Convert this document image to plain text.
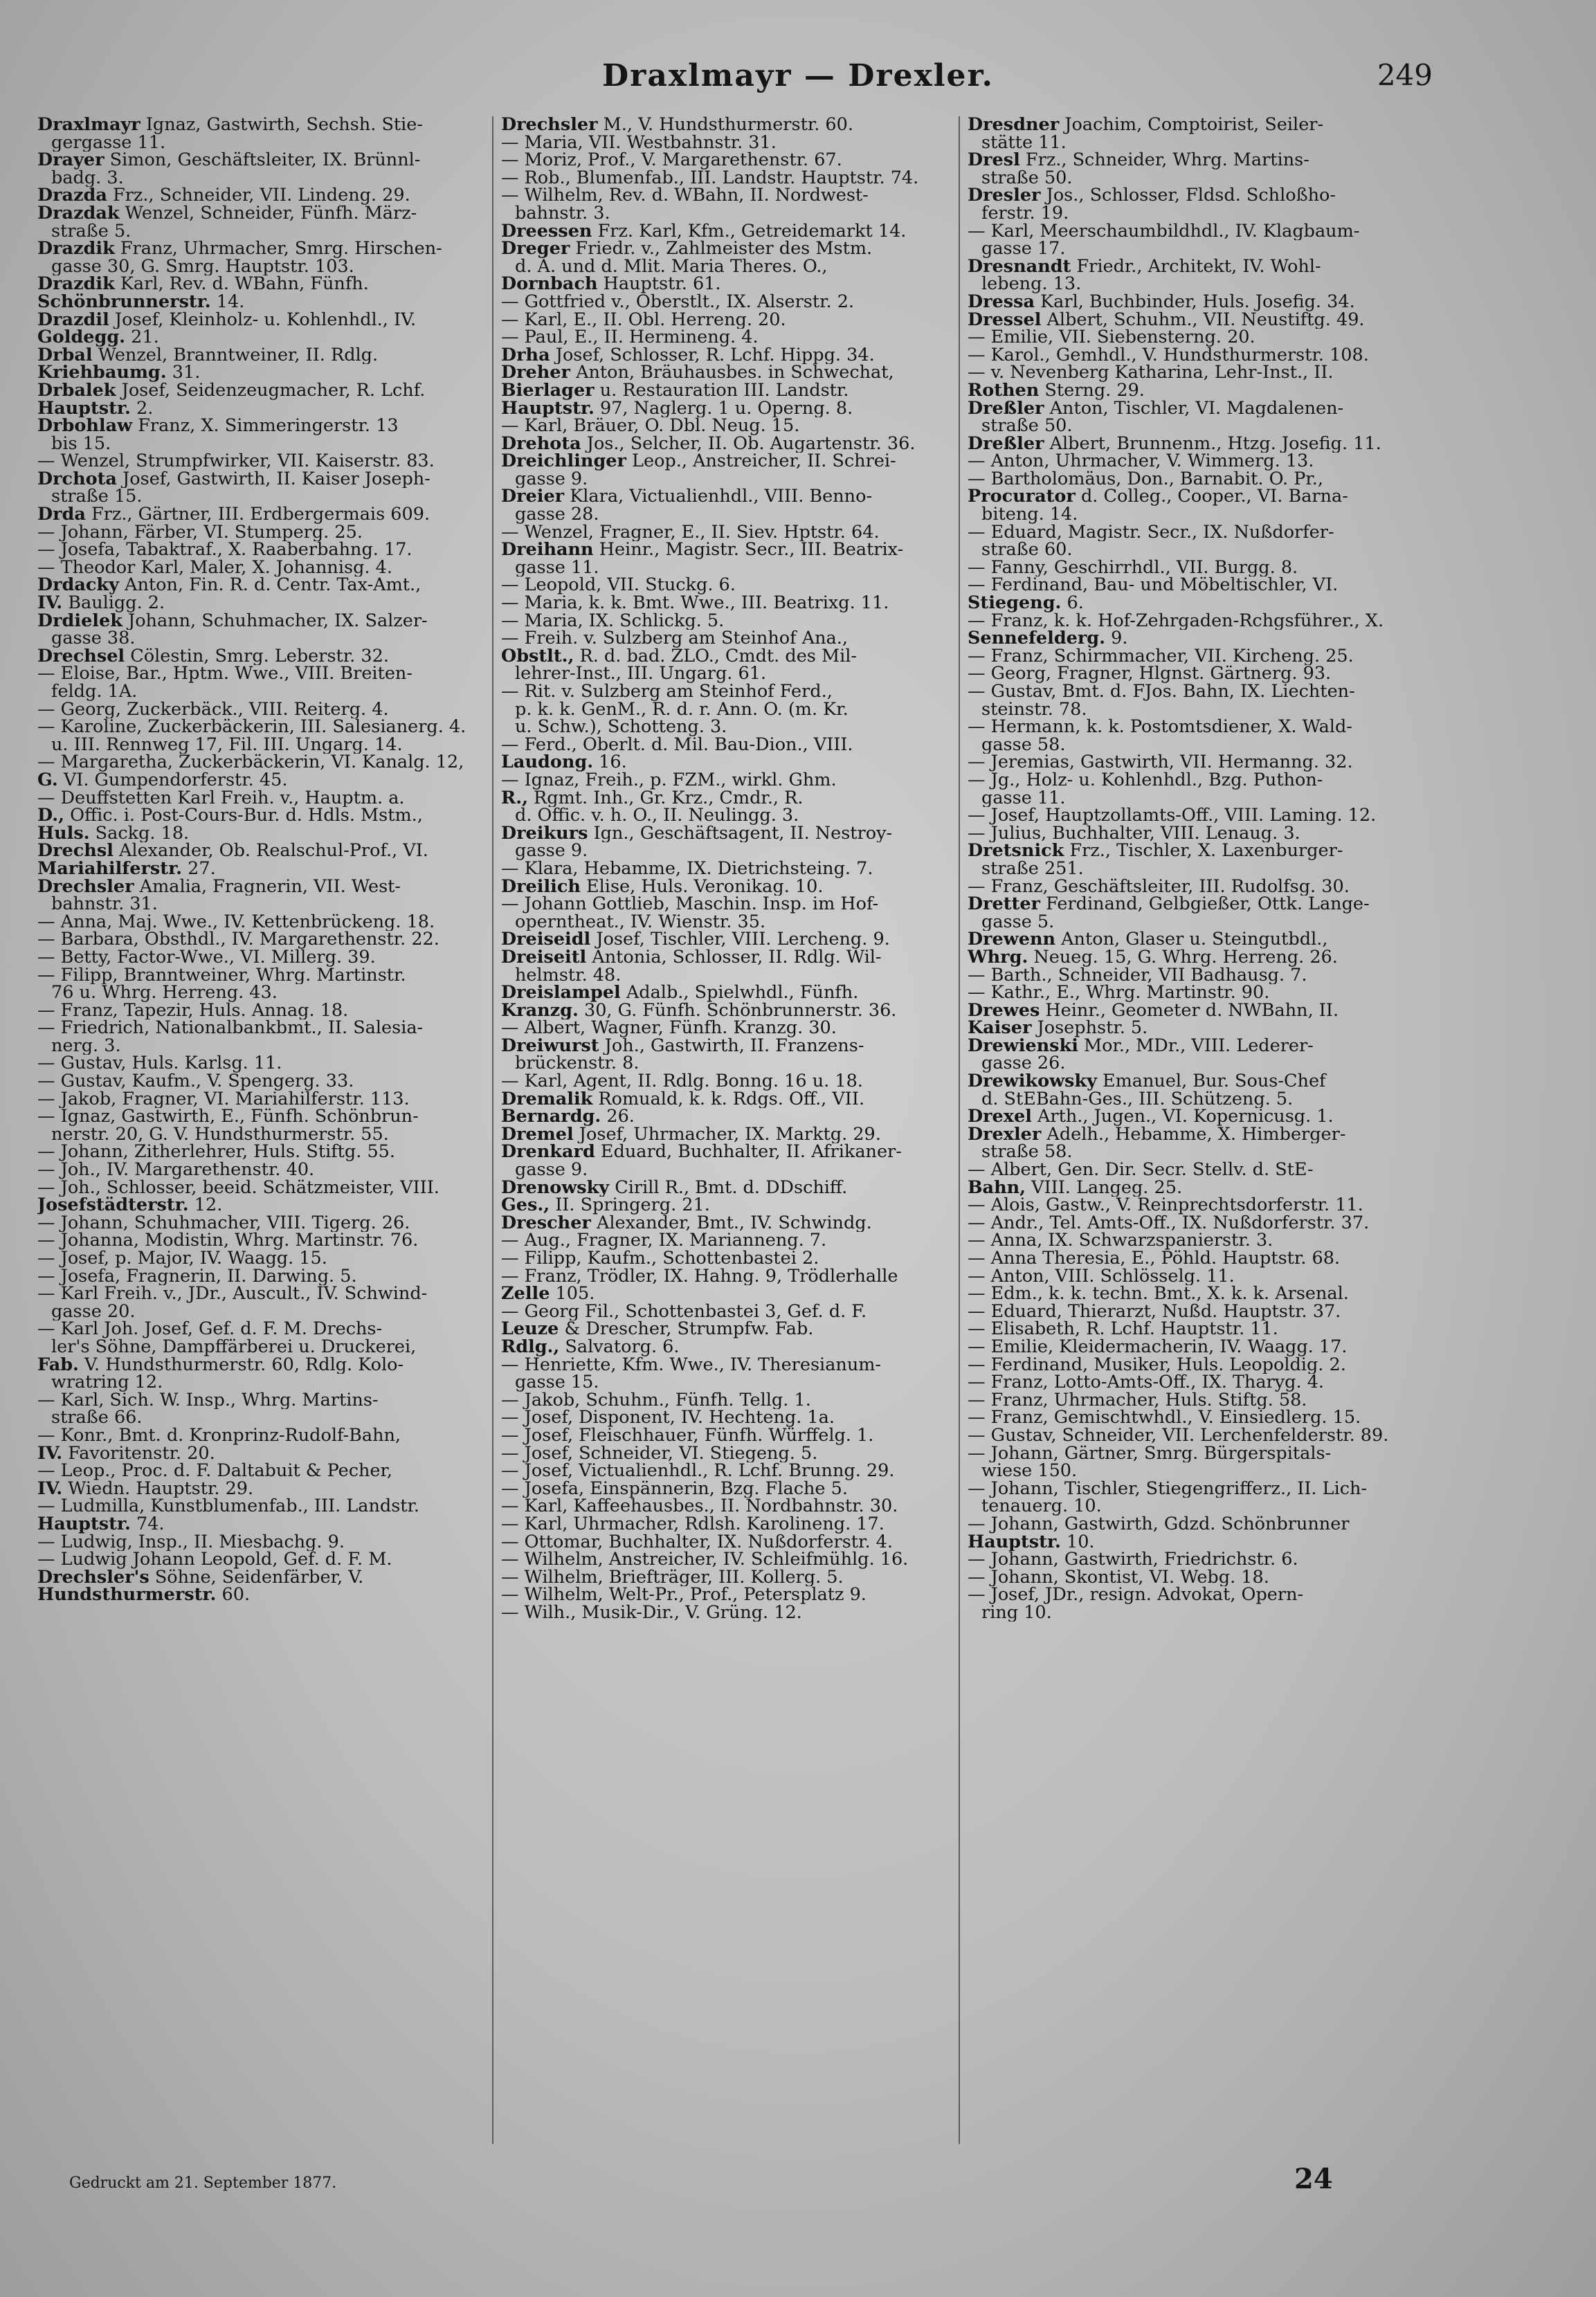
Draxlmayr — Drexler.	249
Draxlmayr Ignaz, Gastwirth, Sechsh. Stie-
gergasse 11.
Drayer Simon, Geschäftsleiter, IX. Brünnl-
badg. 3.
Drazda Frz., Schneider, VII. Lindeng. 29.
Drazdak Wenzel, Schneider, Fünfh. März-
straße 5.
Drazdik Franz, Uhrmacher, Smrg. Hirschen-
gasse 30, G. Smrg. Hauptstr. 103.
Drazdik Karl, Rev. d. WBahn, Fünfh.
Schönbrunnerstr. 14.
Drazdil Josef, Kleinholz- u. Kohlenhdl., IV.
Goldegg. 21.
Drbal Wenzel, Branntweiner, II. Rdlg.
Kriehbaumg. 31.
Drbalek Josef, Seidenzeugmacher, R. Lchf.
Hauptstr. 2.
Drbohlaw Franz, X. Simmeringerstr. 13
bis 15.
— Wenzel, Strumpfwirker, VII. Kaiserstr. 83.
Drchota Josef, Gastwirth, II. Kaiser Joseph-
straße 15.
Drda Frz., Gärtner, III. Erdbergermais 609.
— Johann, Färber, VI. Stumperg. 25.
— Josefa, Tabaktraf., X. Raaberbahng. 17.
— Theodor Karl, Maler, X. Johannisg. 4.
Drdacky Anton, Fin. R. d. Centr. Tax-Amt.,
IV. Bauligg. 2.
Drdielek Johann, Schuhmacher, IX. Salzer-
gasse 38.
Drechsel Cölestin, Smrg. Leberstr. 32.
— Eloise, Bar., Hptm. Wwe., VIII. Breiten-
feldg. 1A.
— Georg, Zuckerbäck., VIII. Reiterg. 4.
— Karoline, Zuckerbäckerin, III. Salesianerg. 4.
u. III. Rennweg 17, Fil. III. Ungarg. 14.
— Margaretha, Zuckerbäckerin, VI. Kanalg. 12,
G. VI. Gumpendorferstr. 45.
— Deuffstetten Karl Freih. v., Hauptm. a.
D., Offic. i. Post-Cours-Bur. d. Hdls. Mstm.,
Huls. Sackg. 18.
Drechsl Alexander, Ob. Realschul-Prof., VI.
Mariahilferstr. 27.
Drechsler Amalia, Fragnerin, VII. West-
bahnstr. 31.
— Anna, Maj. Wwe., IV. Kettenbrückeng. 18.
— Barbara, Obsthdl., IV. Margarethenstr. 22.
— Betty, Factor-Wwe., VI. Millerg. 39.
— Filipp, Branntweiner, Whrg. Martinstr.
76 u. Whrg. Herreng. 43.
— Franz, Tapezir, Huls. Annag. 18.
— Friedrich, Nationalbankbmt., II. Salesia-
nerg. 3.
— Gustav, Huls. Karlsg. 11.
— Gustav, Kaufm., V. Spengerg. 33.
— Jakob, Fragner, VI. Mariahilferstr. 113.
— Ignaz, Gastwirth, E., Fünfh. Schönbrun-
nerstr. 20, G. V. Hundsthurmerstr. 55.
— Johann, Zitherlehrer, Huls. Stiftg. 55.
— Joh., IV. Margarethenstr. 40.
— Joh., Schlosser, beeid. Schätzmeister, VIII.
Josefstädterstr. 12.
— Johann, Schuhmacher, VIII. Tigerg. 26.
— Johanna, Modistin, Whrg. Martinstr. 76.
— Josef, p. Major, IV. Waagg. 15.
— Josefa, Fragnerin, II. Darwing. 5.
— Karl Freih. v., JDr., Auscult., IV. Schwind-
gasse 20.
— Karl Joh. Josef, Gef. d. F. M. Drechs-
ler's Söhne, Dampffärberei u. Druckerei,
Fab. V. Hundsthurmerstr. 60, Rdlg. Kolo-
wratring 12.
— Karl, Sich. W. Insp., Whrg. Martins-
straße 66.
— Konr., Bmt. d. Kronprinz-Rudolf-Bahn,
IV. Favoritenstr. 20.
— Leop., Proc. d. F. Daltabuit & Pecher,
IV. Wiedn. Hauptstr. 29.
— Ludmilla, Kunstblumenfab., III. Landstr.
Hauptstr. 74.
— Ludwig, Insp., II. Miesbachg. 9.
— Ludwig Johann Leopold, Gef. d. F. M.
Drechsler's Söhne, Seidenfärber, V.
Hundsthurmerstr. 60.
Drechsler M., V. Hundsthurmerstr. 60.
— Maria, VII. Westbahnstr. 31.
— Moriz, Prof., V. Margarethenstr. 67.
— Rob., Blumenfab., III. Landstr. Hauptstr. 74.
— Wilhelm, Rev. d. WBahn, II. Nordwest-
bahnstr. 3.
Dreessen Frz. Karl, Kfm., Getreidemarkt 14.
Dreger Friedr. v., Zahlmeister des Mstm.
d. A. und d. Mlit. Maria Theres. O.,
Dornbach Hauptstr. 61.
— Gottfried v., Oberstlt., IX. Alserstr. 2.
— Karl, E., II. Obl. Herreng. 20.
— Paul, E., II. Hermineng. 4.
Drha Josef, Schlosser, R. Lchf. Hippg. 34.
Dreher Anton, Bräuhausbes. in Schwechat,
Bierlager u. Restauration III. Landstr.
Hauptstr. 97, Naglerg. 1 u. Operng. 8.
— Karl, Bräuer, O. Dbl. Neug. 15.
Drehota Jos., Selcher, II. Ob. Augartenstr. 36.
Dreichlinger Leop., Anstreicher, II. Schrei-
gasse 9.
Dreier Klara, Victualienhdl., VIII. Benno-
gasse 28.
— Wenzel, Fragner, E., II. Siev. Hptstr. 64.
Dreihann Heinr., Magistr. Secr., III. Beatrix-
gasse 11.
— Leopold, VII. Stuckg. 6.
— Maria, k. k. Bmt. Wwe., III. Beatrixg. 11.
— Maria, IX. Schlickg. 5.
— Freih. v. Sulzberg am Steinhof Ana.,
Obstlt., R. d. bad. ZLO., Cmdt. des Mil-
lehrer-Inst., III. Ungarg. 61.
— Rit. v. Sulzberg am Steinhof Ferd.,
p. k. k. GenM., R. d. r. Ann. O. (m. Kr.
u. Schw.), Schotteng. 3.
— Ferd., Oberlt. d. Mil. Bau-Dion., VIII.
Laudong. 16.
— Ignaz, Freih., p. FZM., wirkl. Ghm.
R., Rgmt. Inh., Gr. Krz., Cmdr., R.
d. Offic. v. h. O., II. Neulingg. 3.
Dreikurs Ign., Geschäftsagent, II. Nestroy-
gasse 9.
— Klara, Hebamme, IX. Dietrichsteing. 7.
Dreilich Elise, Huls. Veronikag. 10.
— Johann Gottlieb, Maschin. Insp. im Hof-
operntheat., IV. Wienstr. 35.
Dreiseidl Josef, Tischler, VIII. Lercheng. 9.
Dreiseitl Antonia, Schlosser, II. Rdlg. Wil-
helmstr. 48.
Dreislampel Adalb., Spielwhdl., Fünfh.
Kranzg. 30, G. Fünfh. Schönbrunnerstr. 36.
— Albert, Wagner, Fünfh. Kranzg. 30.
Dreiwurst Joh., Gastwirth, II. Franzens-
brückenstr. 8.
— Karl, Agent, II. Rdlg. Bonng. 16 u. 18.
Dremalik Romuald, k. k. Rdgs. Off., VII.
Bernardg. 26.
Dremel Josef, Uhrmacher, IX. Marktg. 29.
Drenkard Eduard, Buchhalter, II. Afrikaner-
gasse 9.
Drenowsky Cirill R., Bmt. d. DDschiff.
Ges., II. Springerg. 21.
Drescher Alexander, Bmt., IV. Schwindg.
— Aug., Fragner, IX. Marianneng. 7.
— Filipp, Kaufm., Schottenbastei 2.
— Franz, Trödler, IX. Hahng. 9, Trödlerhalle
Zelle 105.
— Georg Fil., Schottenbastei 3, Gef. d. F.
Leuze & Drescher, Strumpfw. Fab.
Rdlg., Salvatorg. 6.
— Henriette, Kfm. Wwe., IV. Theresianum-
gasse 15.
— Jakob, Schuhm., Fünfh. Tellg. 1.
— Josef, Disponent, IV. Hechteng. 1a.
— Josef, Fleischhauer, Fünfh. Würffelg. 1.
— Josef, Schneider, VI. Stiegeng. 5.
— Josef, Victualienhdl., R. Lchf. Brunng. 29.
— Josefa, Einspännerin, Bzg. Flache 5.
— Karl, Kaffeehausbes., II. Nordbahnstr. 30.
— Karl, Uhrmacher, Rdlsh. Karolineng. 17.
— Ottomar, Buchhalter, IX. Nußdorferstr. 4.
— Wilhelm, Anstreicher, IV. Schleifmühlg. 16.
— Wilhelm, Briefträger, III. Kollerg. 5.
— Wilhelm, Welt-Pr., Prof., Petersplatz 9.
— Wilh., Musik-Dir., V. Grüng. 12.
Dresdner Joachim, Comptoirist, Seiler-
stätte 11.
Dresl Frz., Schneider, Whrg. Martins-
straße 50.
Dresler Jos., Schlosser, Fldsd. Schloßho-
ferstr. 19.
— Karl, Meerschaumbildhdl., IV. Klagbaum-
gasse 17.
Dresnandt Friedr., Architekt, IV. Wohl-
lebeng. 13.
Dressa Karl, Buchbinder, Huls. Josefig. 34.
Dressel Albert, Schuhm., VII. Neustiftg. 49.
— Emilie, VII. Siebensterng. 20.
— Karol., Gemhdl., V. Hundsthurmerstr. 108.
— v. Nevenberg Katharina, Lehr-Inst., II.
Rothen Sterng. 29.
Dreßler Anton, Tischler, VI. Magdalenen-
straße 50.
Dreßler Albert, Brunnenm., Htzg. Josefig. 11.
— Anton, Uhrmacher, V. Wimmerg. 13.
— Bartholomäus, Don., Barnabit. O. Pr.,
Procurator d. Colleg., Cooper., VI. Barna-
biteng. 14.
— Eduard, Magistr. Secr., IX. Nußdorfer-
straße 60.
— Fanny, Geschirrhdl., VII. Burgg. 8.
— Ferdinand, Bau- und Möbeltischler, VI.
Stiegeng. 6.
— Franz, k. k. Hof-Zehrgaden-Rchgsführer., X.
Sennefelderg. 9.
— Franz, Schirmmacher, VII. Kircheng. 25.
— Georg, Fragner, Hlgnst. Gärtnerg. 93.
— Gustav, Bmt. d. FJos. Bahn, IX. Liechten-
steinstr. 78.
— Hermann, k. k. Postomtsdiener, X. Wald-
gasse 58.
— Jeremias, Gastwirth, VII. Hermanng. 32.
— Jg., Holz- u. Kohlenhdl., Bzg. Puthon-
gasse 11.
— Josef, Hauptzollamts-Off., VIII. Laming. 12.
— Julius, Buchhalter, VIII. Lenaug. 3.
Dretsnick Frz., Tischler, X. Laxenburger-
straße 251.
— Franz, Geschäftsleiter, III. Rudolfsg. 30.
Dretter Ferdinand, Gelbgießer, Ottk. Lange-
gasse 5.
Drewenn Anton, Glaser u. Steingutbdl.,
Whrg. Neueg. 15, G. Whrg. Herreng. 26.
— Barth., Schneider, VII Badhausg. 7.
— Kathr., E., Whrg. Martinstr. 90.
Drewes Heinr., Geometer d. NWBahn, II.
Kaiser Josephstr. 5.
Drewienski Mor., MDr., VIII. Lederer-
gasse 26.
Drewikowsky Emanuel, Bur. Sous-Chef
d. StEBahn-Ges., III. Schützeng. 5.
Drexel Arth., Jugen., VI. Kopernicusg. 1.
Drexler Adelh., Hebamme, X. Himberger-
straße 58.
— Albert, Gen. Dir. Secr. Stellv. d. StE-
Bahn, VIII. Langeg. 25.
— Alois, Gastw., V. Reinprechtsdorferstr. 11.
— Andr., Tel. Amts-Off., IX. Nußdorferstr. 37.
— Anna, IX. Schwarzspanierstr. 3.
— Anna Theresia, E., Pöhld. Hauptstr. 68.
— Anton, VIII. Schlösselg. 11.
— Edm., k. k. techn. Bmt., X. k. k. Arsenal.
— Eduard, Thierarzt, Nußd. Hauptstr. 37.
— Elisabeth, R. Lchf. Hauptstr. 11.
— Emilie, Kleidermacherin, IV. Waagg. 17.
— Ferdinand, Musiker, Huls. Leopoldig. 2.
— Franz, Lotto-Amts-Off., IX. Tharyg. 4.
— Franz, Uhrmacher, Huls. Stiftg. 58.
— Franz, Gemischtwhdl., V. Einsiedlerg. 15.
— Gustav, Schneider, VII. Lerchenfelderstr. 89.
— Johann, Gärtner, Smrg. Bürgerspitals-
wiese 150.
— Johann, Tischler, Stiegengrifferz., II. Lich-
tenauerg. 10.
— Johann, Gastwirth, Gdzd. Schönbrunner
Hauptstr. 10.
— Johann, Gastwirth, Friedrichstr. 6.
— Johann, Skontist, VI. Webg. 18.
— Josef, JDr., resign. Advokat, Opern-
ring 10.
Gedruckt am 21. September 1877.	24
